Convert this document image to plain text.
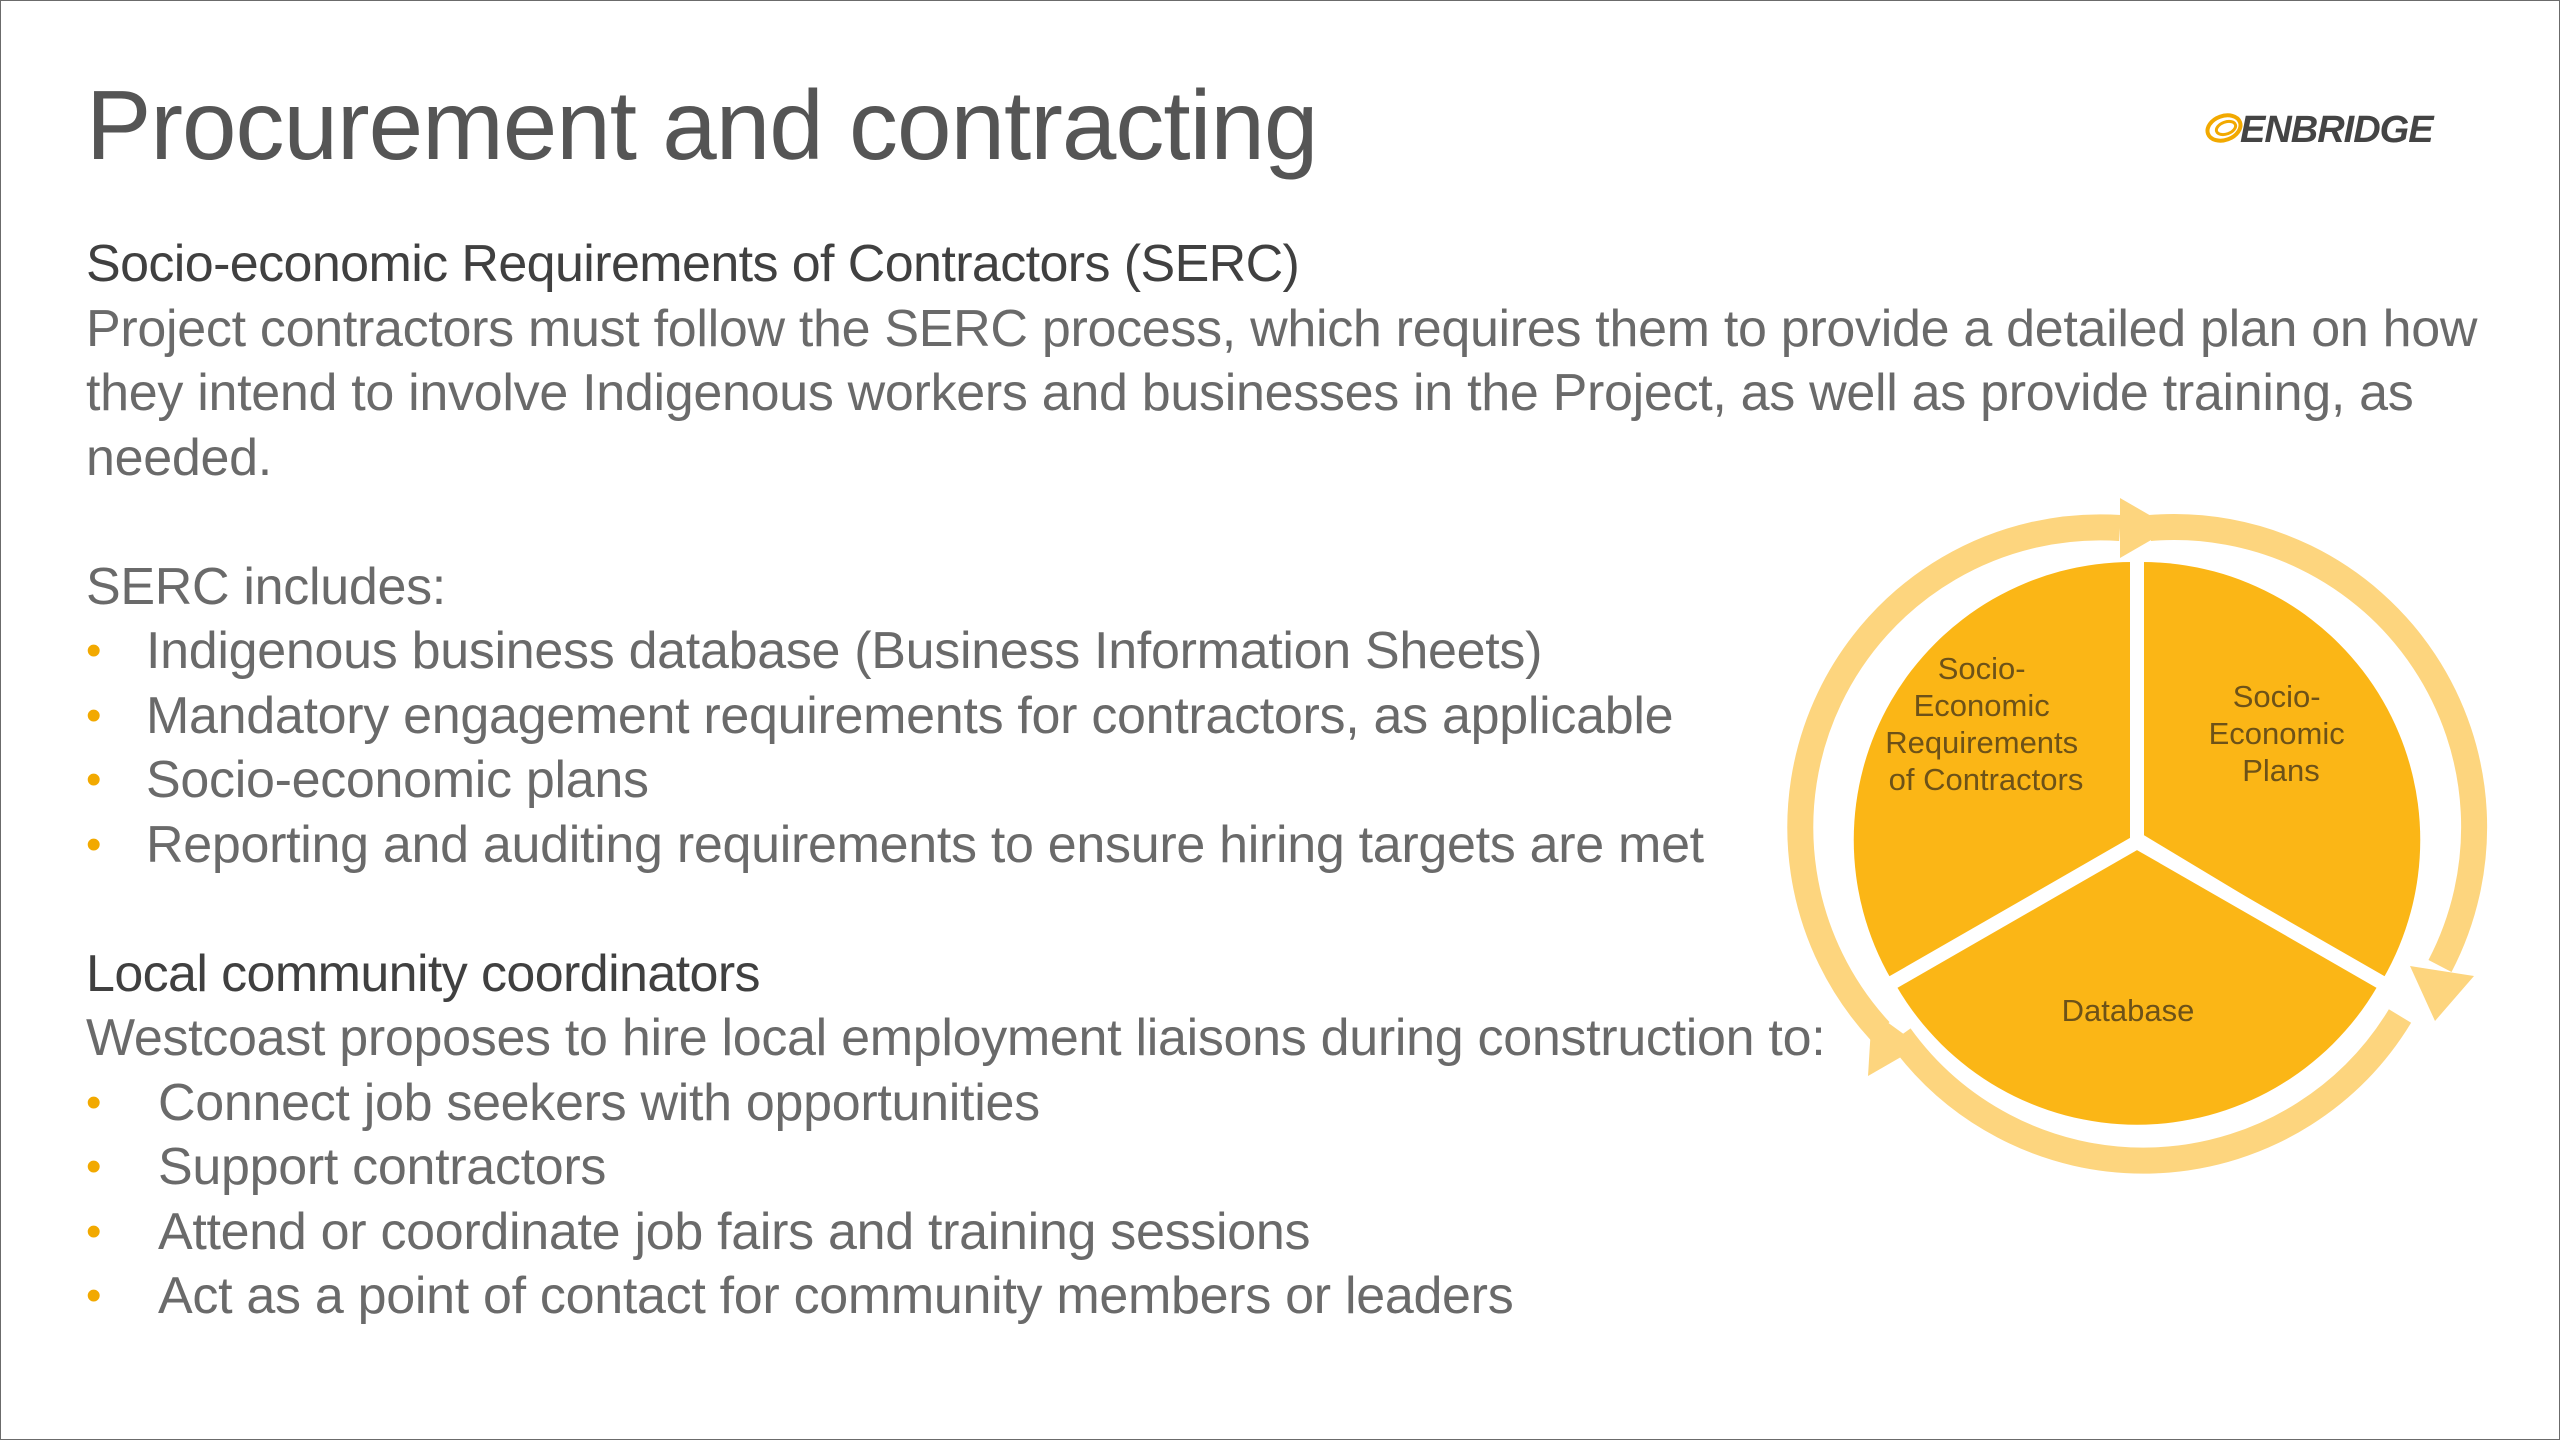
Procurement and contracting	ENBRIDGE
Socio-economic Requirements of Contractors (SERC)

Project contractors must follow the SERC process, which requires them to provide a detailed plan on how they intend to involve Indigenous workers and businesses in the Project, as well as provide training, as needed.

SERC includes:
• Indigenous business database (Business Information Sheets)
• Mandatory engagement requirements for contractors, as applicable
• Socio-economic plans
• Reporting and auditing requirements to ensure hiring targets are met
Local community coordinators
Westcoast proposes to hire local employment liaisons during construction to:
• Connect job seekers with opportunities
• Support contractors
• Attend or coordinate job fairs and training sessions
• Act as a point of contact for community members or leaders
Socio- Economic Requirements of Contractors
Socio- Economic Plans
Database
